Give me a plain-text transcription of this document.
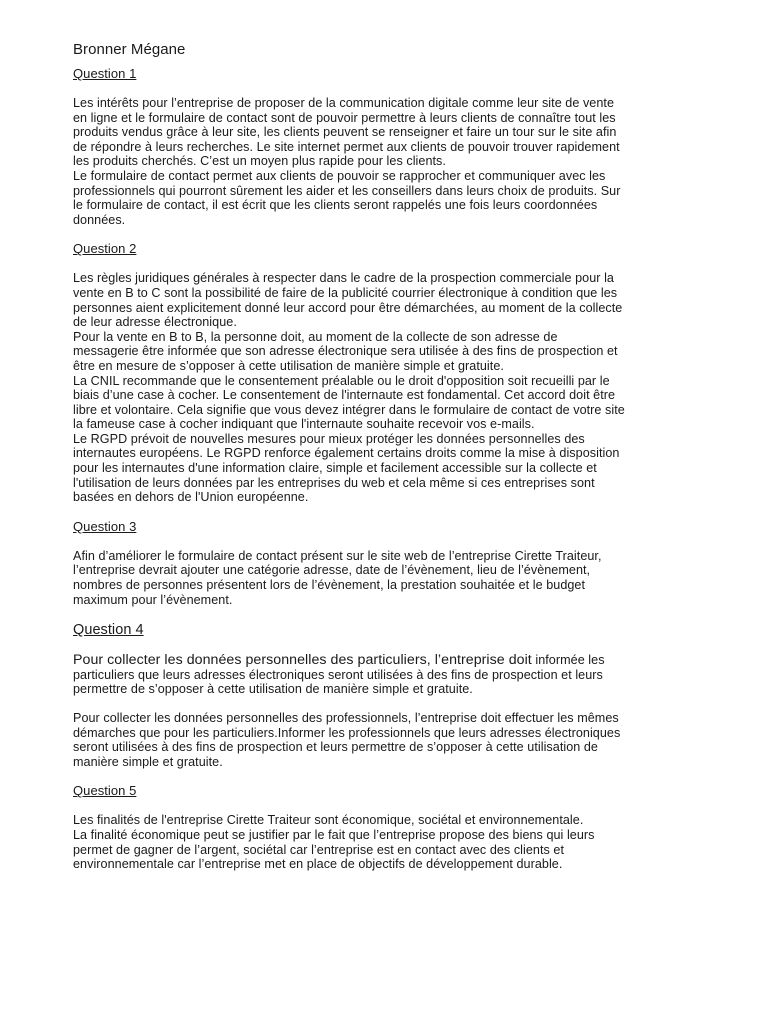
Bronner Mégane
Question 1

Les intérêts pour l’entreprise de proposer de la communication digitale comme leur site de vente
en ligne et le formulaire de contact sont de pouvoir permettre à leurs clients de connaître tout les
produits vendus grâce à leur site, les clients peuvent se renseigner et faire un tour sur le site afin
de répondre à leurs recherches. Le site internet permet aux clients de pouvoir trouver rapidement
les produits cherchés. C’est un moyen plus rapide pour les clients.
Le formulaire de contact permet aux clients de pouvoir se rapprocher et communiquer avec les
professionnels qui pourront sûrement les aider et les conseillers dans leurs choix de produits. Sur
le formulaire de contact, il est écrit que les clients seront rappelés une fois leurs coordonnées
données.

Question 2

Les règles juridiques générales à respecter dans le cadre de la prospection commerciale pour la
vente en B to C sont la possibilité de faire de la publicité courrier électronique à condition que les
personnes aient explicitement donné leur accord pour être démarchées, au moment de la collecte
de leur adresse électronique.
Pour la vente en B to B, la personne doit, au moment de la collecte de son adresse de
messagerie être informée que son adresse électronique sera utilisée à des fins de prospection et
être en mesure de s’opposer à cette utilisation de manière simple et gratuite.
La CNIL recommande que le consentement préalable ou le droit d'opposition soit recueilli par le
biais d’une case à cocher. Le consentement de l'internaute est fondamental. Cet accord doit être
libre et volontaire. Cela signifie que vous devez intégrer dans le formulaire de contact de votre site
la fameuse case à cocher indiquant que l'internaute souhaite recevoir vos e-mails.
Le RGPD prévoit de nouvelles mesures pour mieux protéger les données personnelles des
internautes européens. Le RGPD renforce également certains droits comme la mise à disposition
pour les internautes d'une information claire, simple et facilement accessible sur la collecte et
l'utilisation de leurs données par les entreprises du web et cela même si ces entreprises sont
basées en dehors de l'Union européenne.

Question 3

Afin d’améliorer le formulaire de contact présent sur le site web de l’entreprise Cirette Traiteur,
l’entreprise devrait ajouter une catégorie adresse, date de l’évènement, lieu de l’évènement,
nombres de personnes présentent lors de l’évènement, la prestation souhaitée et le budget
maximum pour l’évènement.

Question 4

Pour collecter les données personnelles des particuliers, l’entreprise doit informée les
particuliers que leurs adresses électroniques seront utilisées à des fins de prospection et leurs
permettre de s’opposer à cette utilisation de manière simple et gratuite.

Pour collecter les données personnelles des professionnels, l’entreprise doit effectuer les mêmes
démarches que pour les particuliers.Informer les professionnels que leurs adresses électroniques
seront utilisées à des fins de prospection et leurs permettre de s’opposer à cette utilisation de
manière simple et gratuite.

Question 5

Les finalités de l'entreprise Cirette Traiteur sont économique, sociétal et environnementale.
La finalité économique peut se justifier par le fait que l’entreprise propose des biens qui leurs
permet de gagner de l’argent, sociétal car l’entreprise est en contact avec des clients et
environnementale car l’entreprise met en place de objectifs de développement durable.
